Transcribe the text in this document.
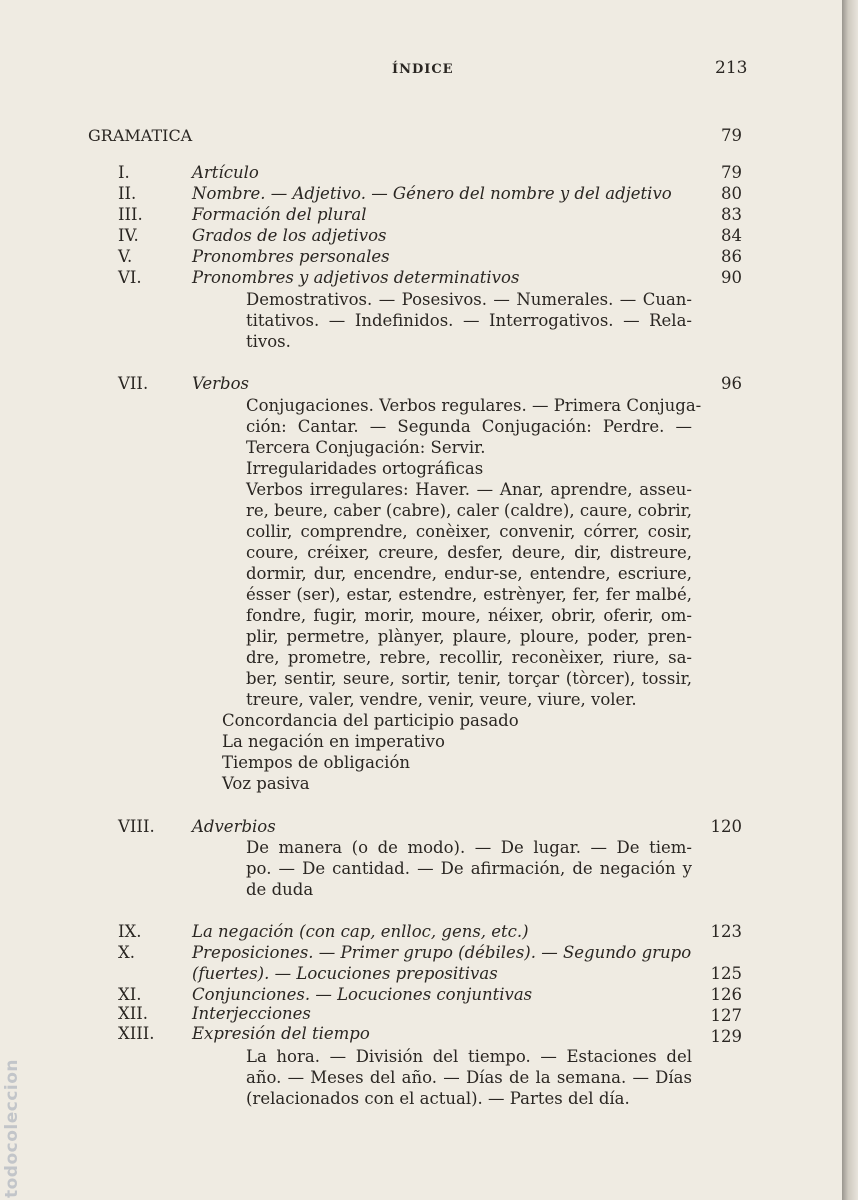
ÍNDICE	213
GRAMATICA	79
I.	Artículo	79
II.	Nombre. — Adjetivo. — Género del nombre y del adjetivo	80
III.	Formación del plural	83
IV.	Grados de los adjetivos	84
V.	Pronombres personales	86
VI.	Pronombres y adjetivos determinativos	90
Demostrativos. — Posesivos. — Numerales. — Cuan-
titativos. — Indefinidos. — Interrogativos. — Rela-
tivos.
VII.	Verbos	96
Conjugaciones. Verbos regulares. — Primera Conjuga-
ción: Cantar. — Segunda Conjugación: Perdre. —
Tercera Conjugación: Servir.
Irregularidades ortográficas
Verbos irregulares: Haver. — Anar, aprendre, asseu-
re, beure, caber (cabre), caler (caldre), caure, cobrir,
collir, comprendre, conèixer, convenir, córrer, cosir,
coure, créixer, creure, desfer, deure, dir, distreure,
dormir, dur, encendre, endur-se, entendre, escriure,
ésser (ser), estar, estendre, estrènyer, fer, fer malbé,
fondre, fugir, morir, moure, néixer, obrir, oferir, om-
plir, permetre, plànyer, plaure, ploure, poder, pren-
dre, prometre, rebre, recollir, reconèixer, riure, sa-
ber, sentir, seure, sortir, tenir, torçar (tòrcer), tossir,
treure, valer, vendre, venir, veure, viure, voler.
Concordancia del participio pasado
La negación en imperativo
Tiempos de obligación
Voz pasiva
VIII. Adverbios	120
De manera (o de modo). — De lugar. — De tiem-
po. — De cantidad. — De afirmación, de negación y
de duda
IX.	La negación (con cap, enlloc, gens, etc.)	123
X.	Preposiciones. — Primer grupo (débiles). — Segundo grupo
(fuertes). — Locuciones prepositivas	125
XI.	Conjunciones. — Locuciones conjuntivas	126
XII.	Interjecciones	127
XIII. Expresión del tiempo	129
La hora. — División del tiempo. — Estaciones del
año. — Meses del año. — Días de la semana. — Días
(relacionados con el actual). — Partes del día.
todocoleccion
